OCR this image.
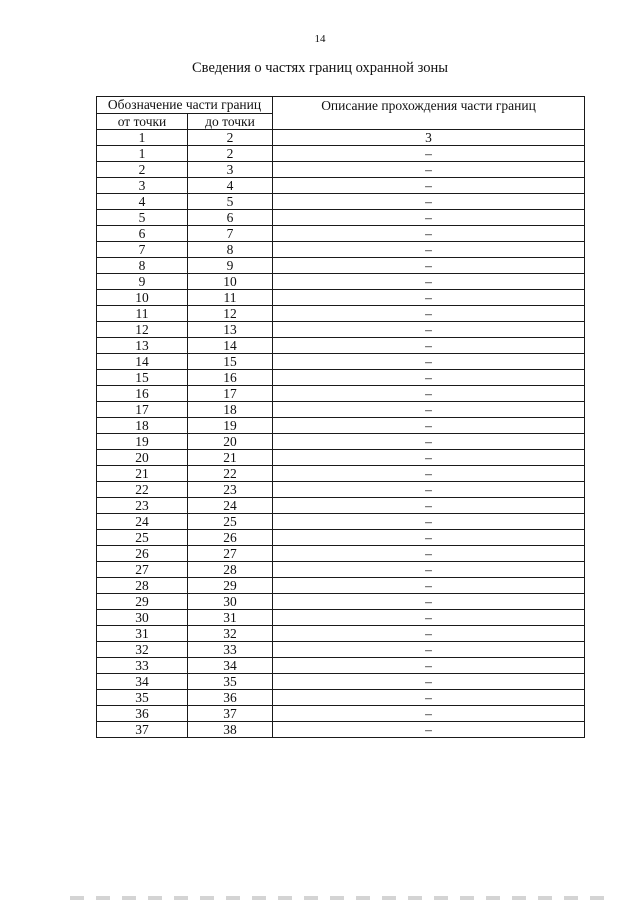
14
Сведения о частях границ охранной зоны
Обозначение части границ		Описание прохождения части границ
от точки	до точки	
1	2	3
1	2	–
2	3	–
3	4	–
4	5	–
5	6	–
6	7	–
7	8	–
8	9	–
9	10	–
10	11	–
11	12	–
12	13	–
13	14	–
14	15	–
15	16	–
16	17	–
17	18	–
18	19	–
19	20	–
20	21	–
21	22	–
22	23	–
23	24	–
24	25	–
25	26	–
26	27	–
27	28	–
28	29	–
29	30	–
30	31	–
31	32	–
32	33	–
33	34	–
34	35	–
35	36	–
36	37	–
37	38	–
